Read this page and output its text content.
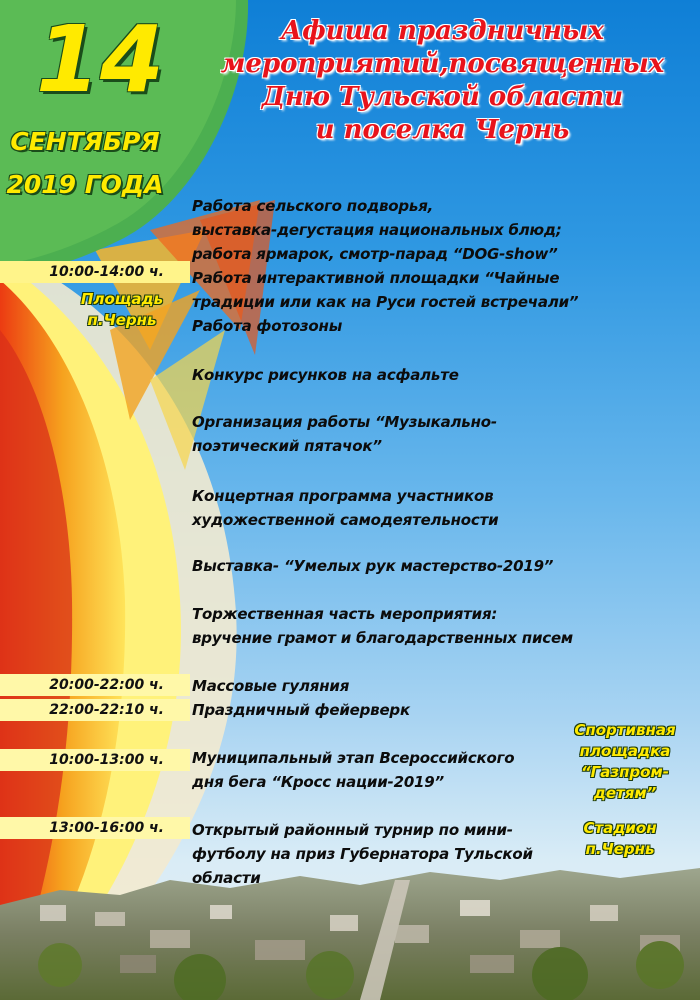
14
СЕНТЯБРЯ
2019 ГОДА
Афиша праздничных
мероприятий,посвященных
Дню Тульской области
и поселка Чернь
10:00-14:00 ч.
20:00-22:00 ч.
22:00-22:10 ч.
10:00-13:00 ч.
13:00-16:00 ч.
Площадь
п.Чернь
Спортивная
площадка
“Газпром-
детям”
Стадион
п.Чернь
Работа сельского подворья,
выставка-дегустация национальных блюд;
работа ярмарок, смотр-парад “DOG-show”
Работа интерактивной площадки “Чайные
традиции или как на Руси гостей встречали”
Работа фотозоны
Конкурс рисунков на асфальте
Организация работы “Музыкально-
поэтический пятачок”
Концертная программа участников
художественной самодеятельности
Выставка- “Умелых рук мастерство-2019”
Торжественная часть мероприятия:
вручение грамот и благодарственных писем
Массовые гуляния
Праздничный фейерверк
Муниципальный этап Всероссийского
дня бега “Кросс нации-2019”
Открытый районный турнир по мини-
футболу на приз Губернатора Тульской
области
